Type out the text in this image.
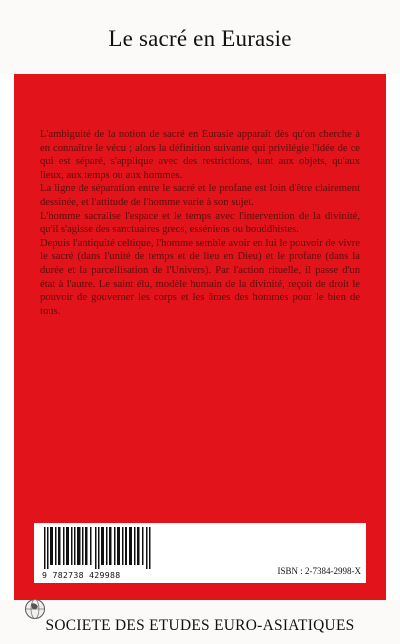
Le sacré en Eurasie

L'ambiguité de la notion de sacré en Eurasie apparaît dès qu'on cherche à en connaître le vécu ; alors la définition suivante qui privilégie l'idée de ce qui est séparé, s'applique avec des restrictions, tant aux objets, qu'aux lieux, aux temps ou aux hommes.

La ligne de séparation entre le sacré et le profane est loin d'être clairement dessinée, et l'attitude de l'homme varie à son sujet.

L'homme sacralise l'espace et le temps avec l'intervention de la divinité, qu'il s'agisse des sanctuaires grecs, esséniens ou bouddhistes.

Depuis l'antiquité celtique, l'homme semble avoir en lui le pouvoir de vivre le sacré (dans l'unité de temps et de lieu en Dieu) et le profane (dans la durée et la parcellisation de l'Univers). Par l'action rituelle, il passe d'un état à l'autre. Le saint élu, modèle humain de la divinité, reçoit de droit le pouvoir de gouverner les corps et les âmes des hommes pour le bien de tous.

9 782738 429988	ISBN : 2-7384-2998-X
SOCIETE DES ETUDES EURO-ASIATIQUES
